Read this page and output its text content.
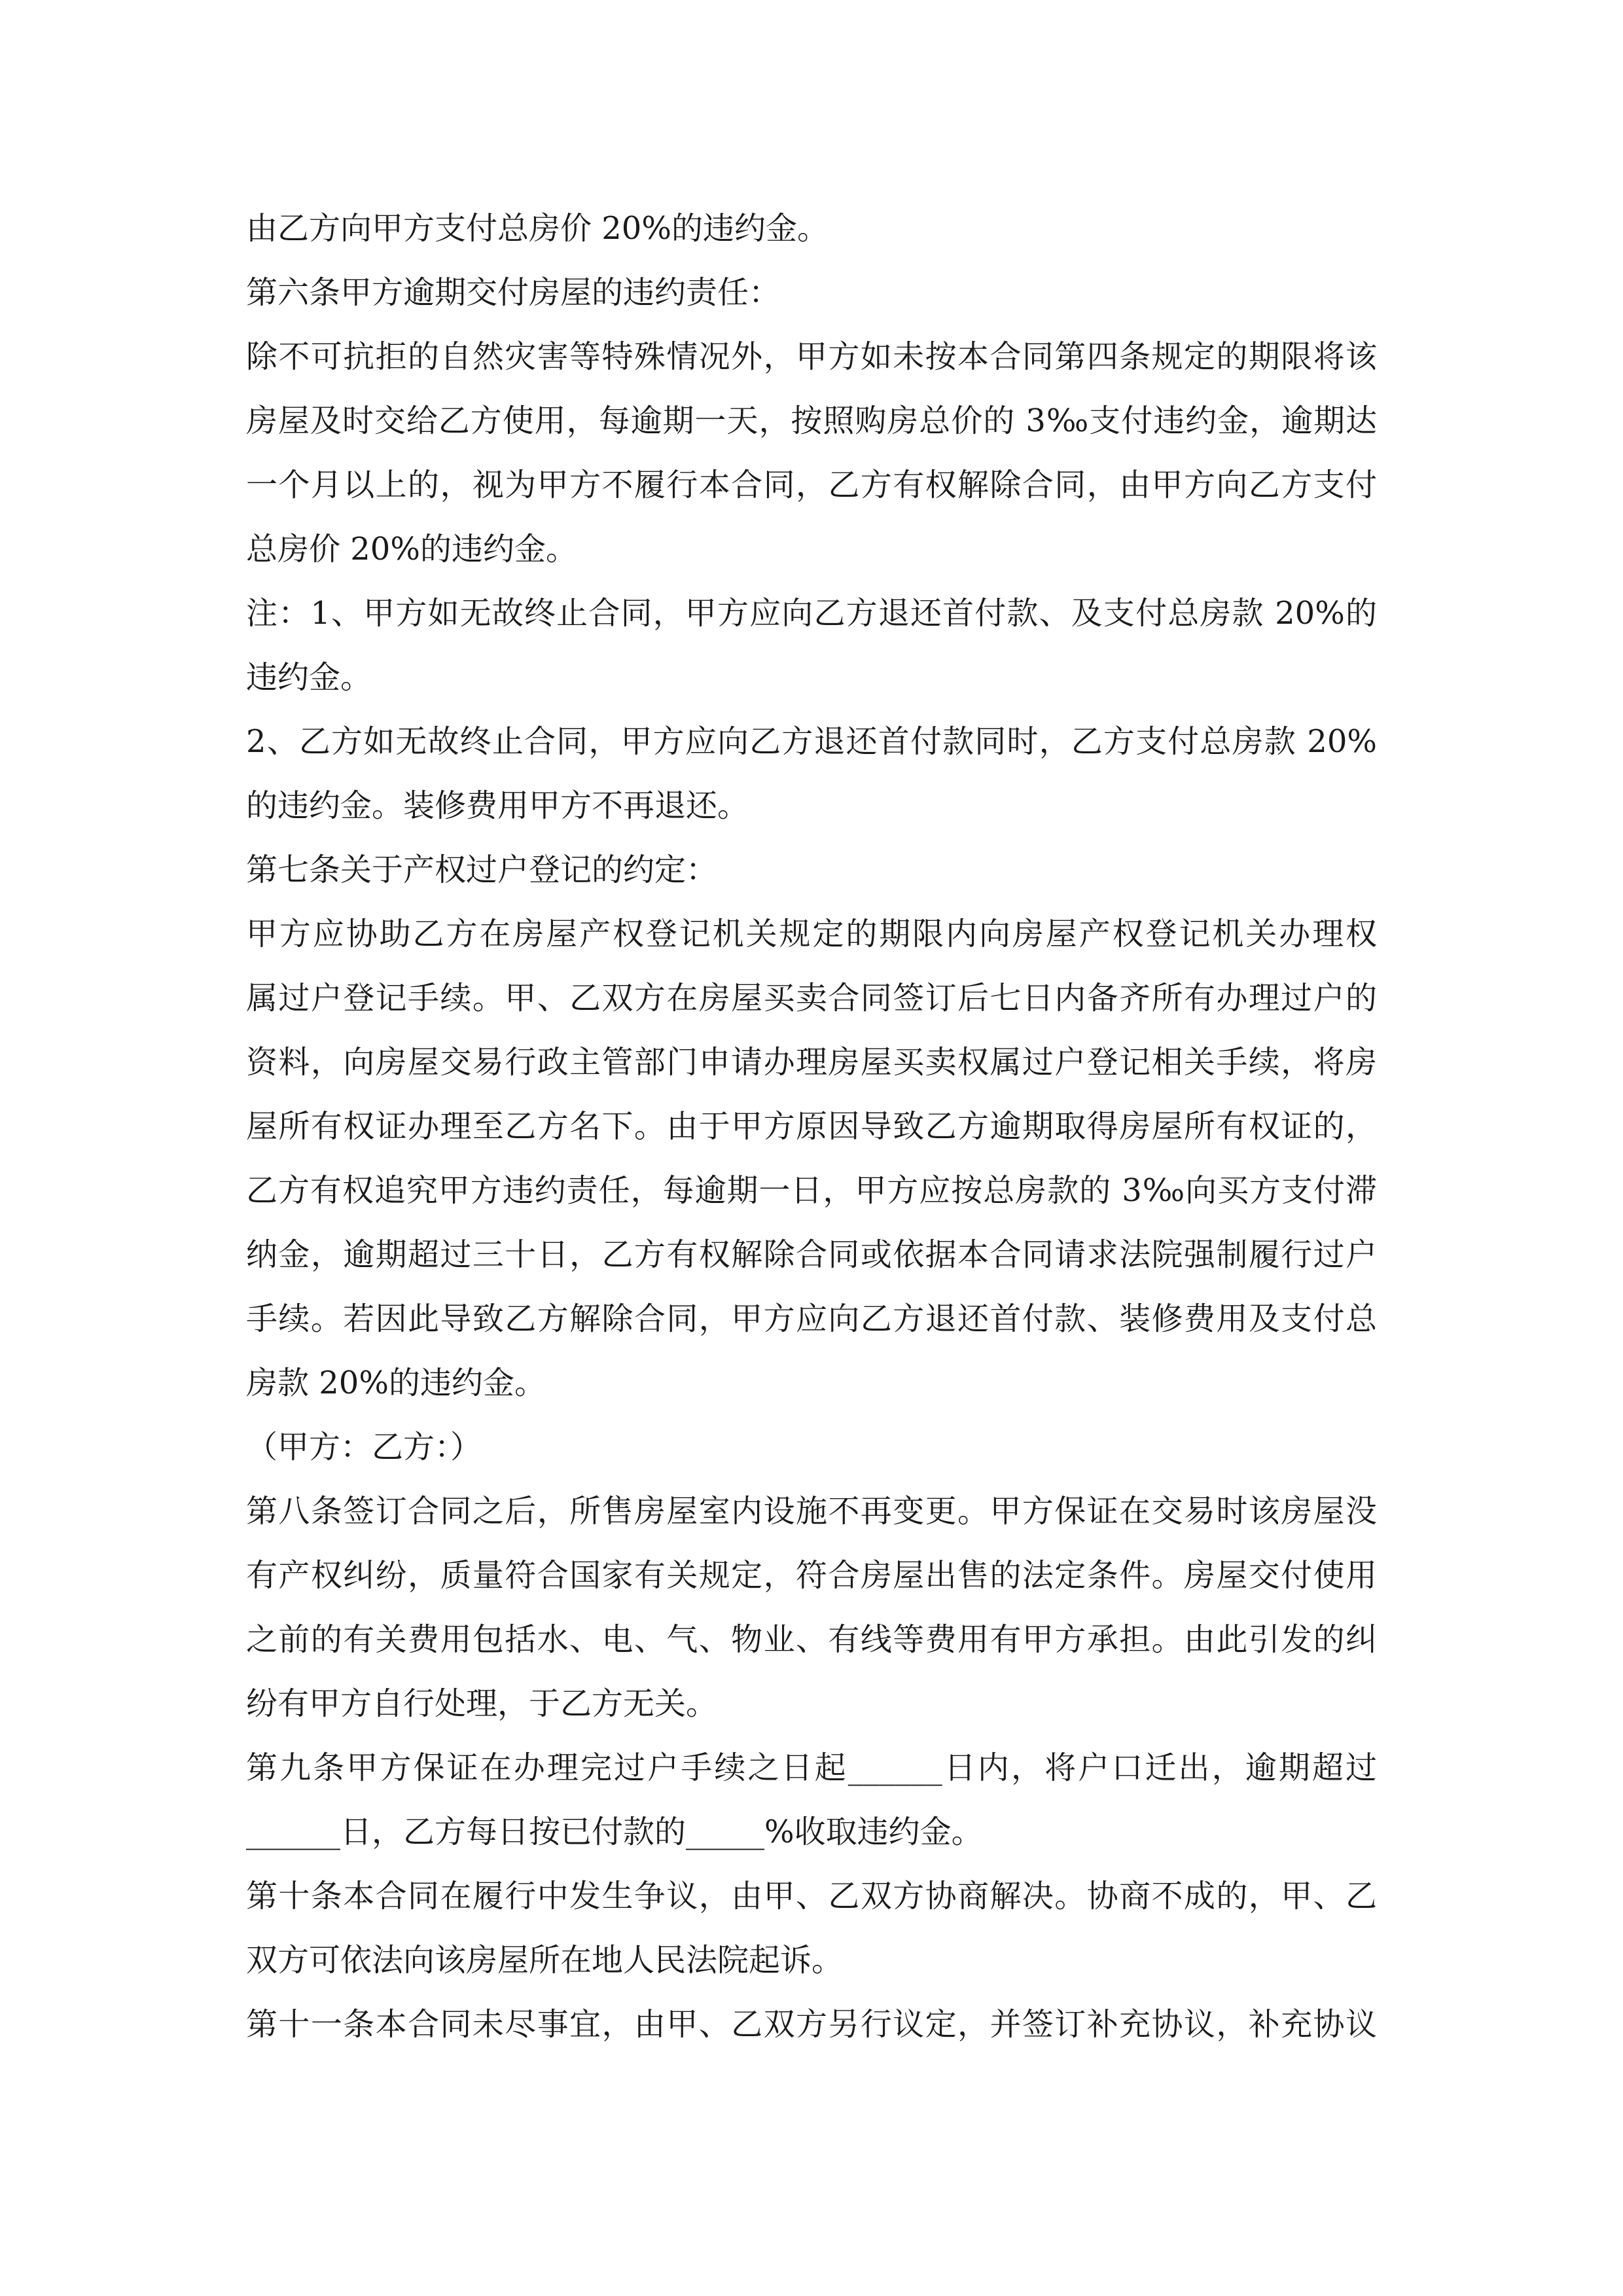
由乙方向甲方支付总房价 20%的违约金。
第六条甲方逾期交付房屋的违约责任：
除不可抗拒的自然灾害等特殊情况外，甲方如未按本合同第四条规定的期限将该
房屋及时交给乙方使用，每逾期一天，按照购房总价的 3‰支付违约金，逾期达
一个月以上的，视为甲方不履行本合同，乙方有权解除合同，由甲方向乙方支付
总房价 20%的违约金。
注：1、甲方如无故终止合同，甲方应向乙方退还首付款、及支付总房款 20%的
违约金。
2、乙方如无故终止合同，甲方应向乙方退还首付款同时，乙方支付总房款 20%
的违约金。装修费用甲方不再退还。
第七条关于产权过户登记的约定：
甲方应协助乙方在房屋产权登记机关规定的期限内向房屋产权登记机关办理权
属过户登记手续。甲、乙双方在房屋买卖合同签订后七日内备齐所有办理过户的
资料，向房屋交易行政主管部门申请办理房屋买卖权属过户登记相关手续，将房
屋所有权证办理至乙方名下。由于甲方原因导致乙方逾期取得房屋所有权证的，
乙方有权追究甲方违约责任，每逾期一日，甲方应按总房款的 3‰向买方支付滞
纳金，逾期超过三十日，乙方有权解除合同或依据本合同请求法院强制履行过户
手续。若因此导致乙方解除合同，甲方应向乙方退还首付款、装修费用及支付总
房款 20%的违约金。
（甲方：乙方：）
第八条签订合同之后，所售房屋室内设施不再变更。甲方保证在交易时该房屋没
有产权纠纷，质量符合国家有关规定，符合房屋出售的法定条件。房屋交付使用
之前的有关费用包括水、电、气、物业、有线等费用有甲方承担。由此引发的纠
纷有甲方自行处理，于乙方无关。
第九条甲方保证在办理完过户手续之日起______日内，将户口迁出，逾期超过
______日，乙方每日按已付款的_____%收取违约金。
第十条本合同在履行中发生争议，由甲、乙双方协商解决。协商不成的，甲、乙
双方可依法向该房屋所在地人民法院起诉。
第十一条本合同未尽事宜，由甲、乙双方另行议定，并签订补充协议，补充协议
